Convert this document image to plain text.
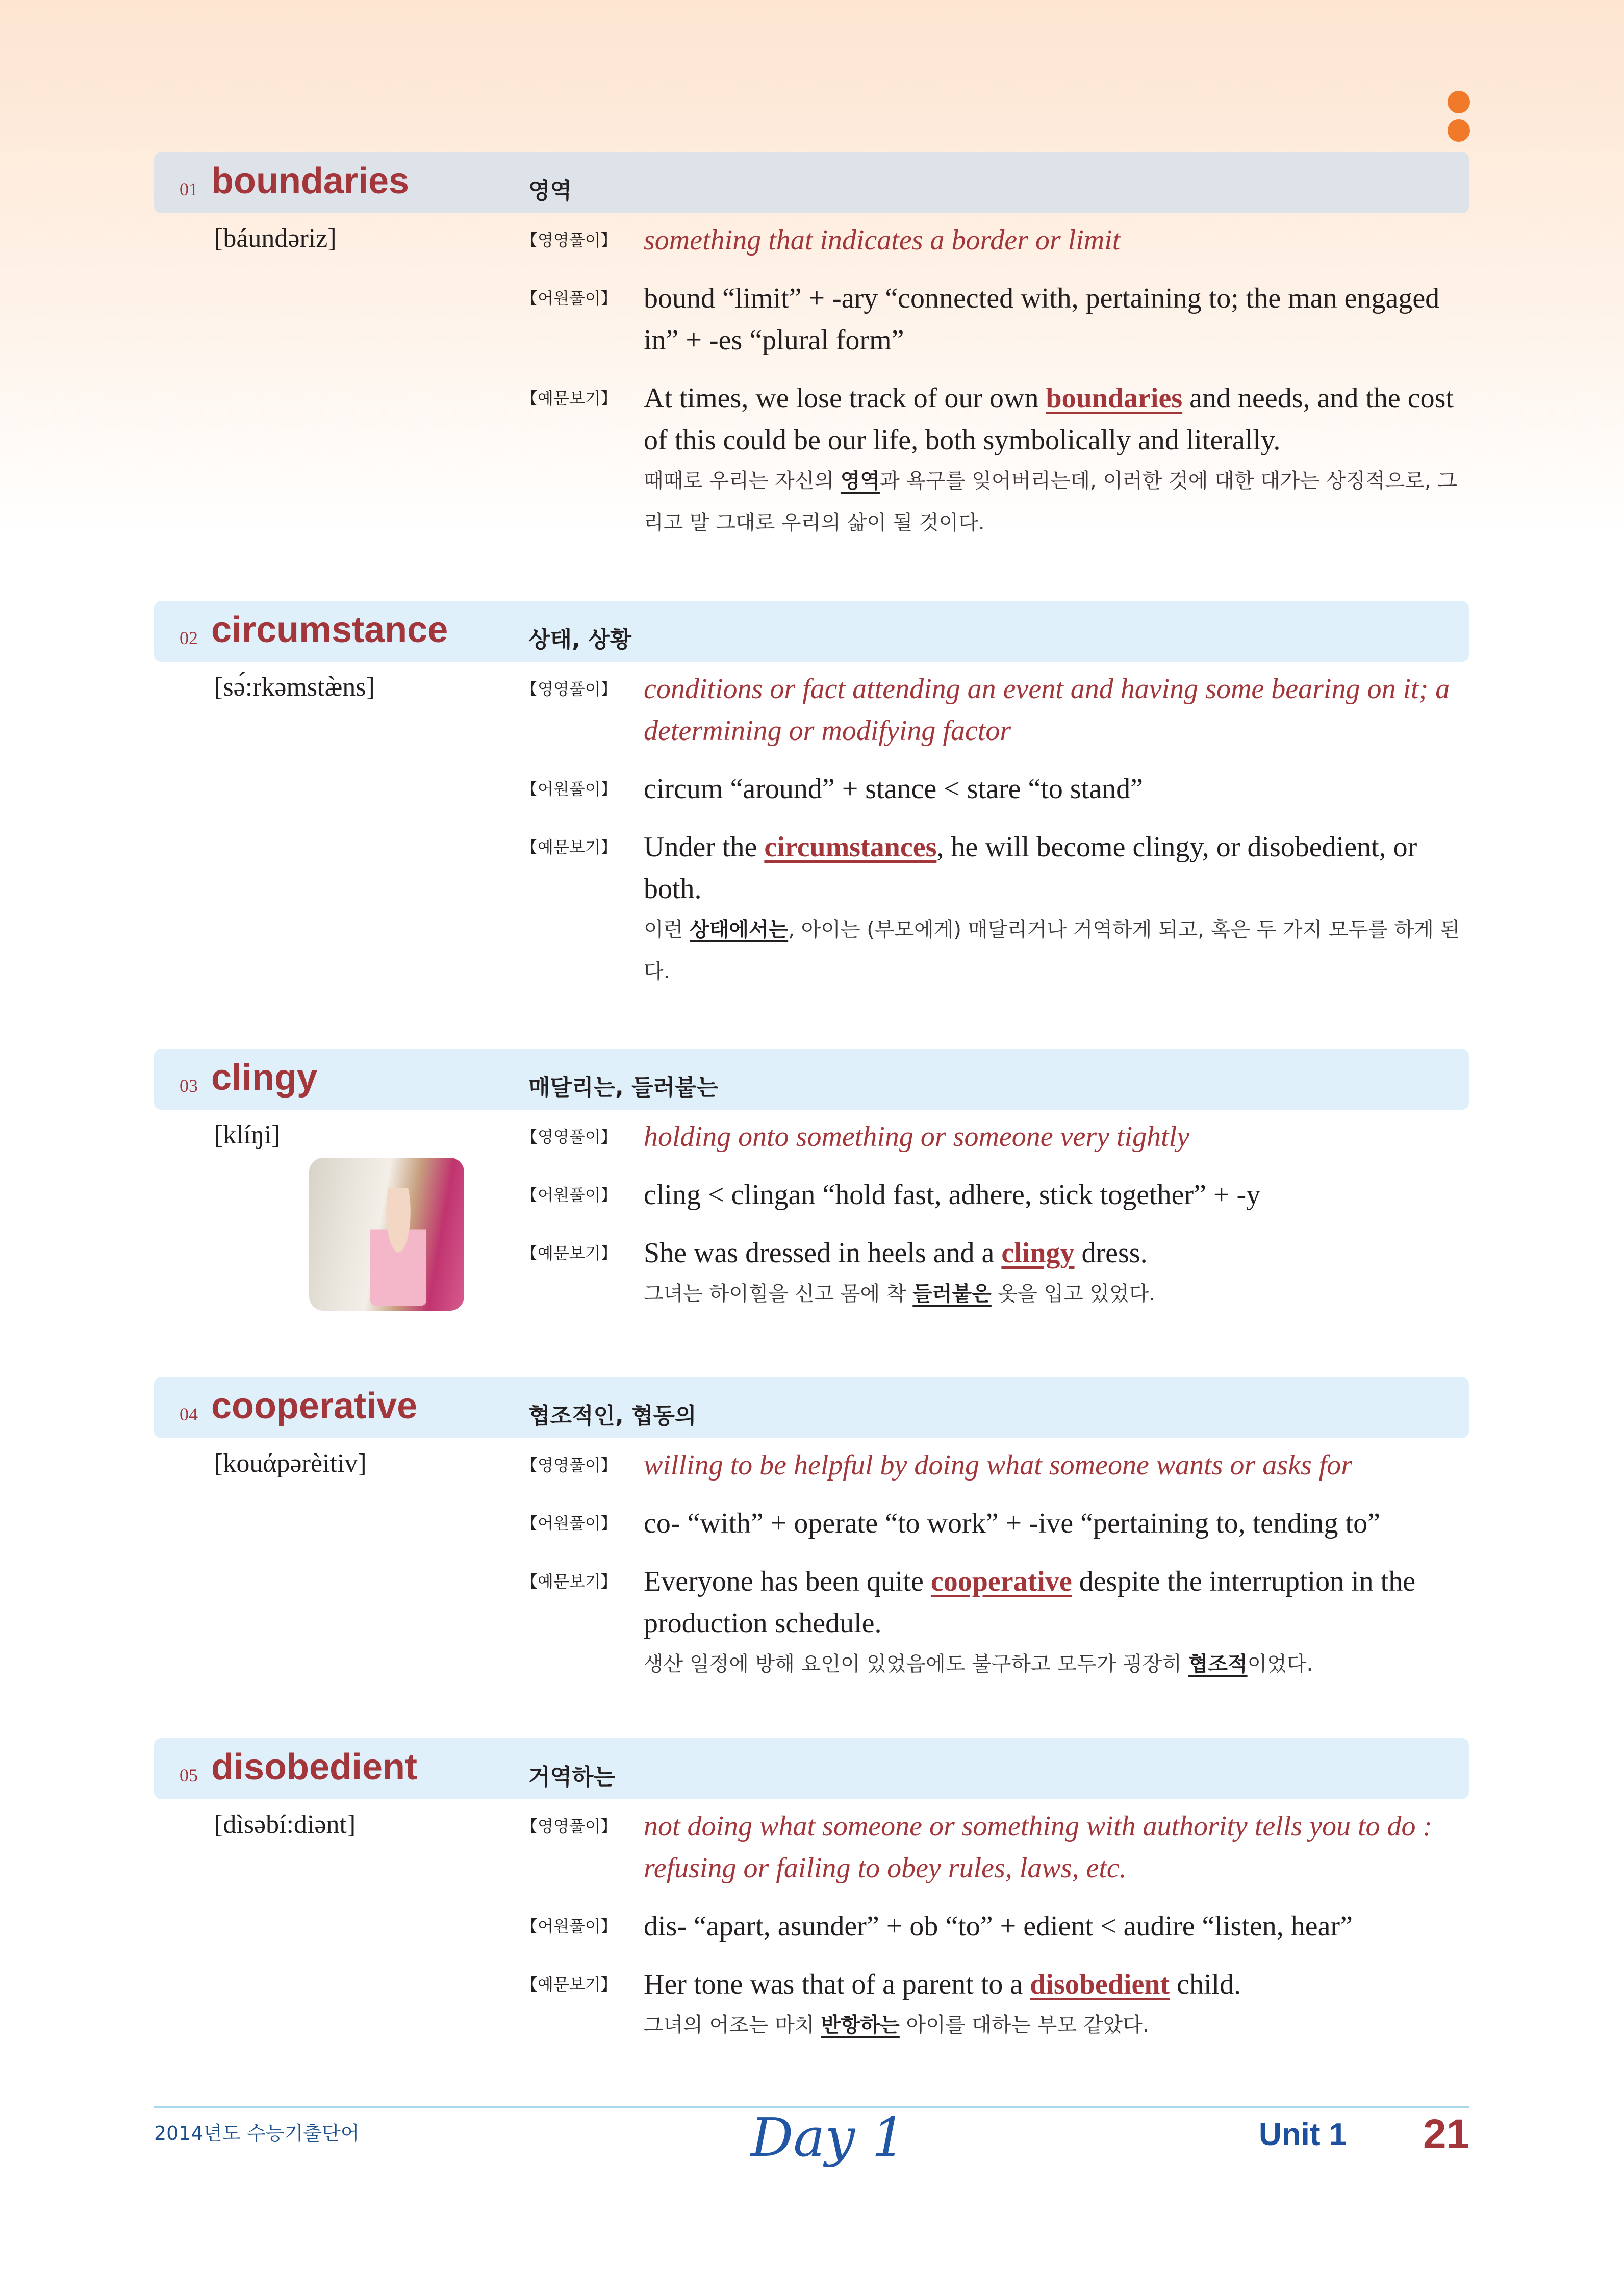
01 boundaries	영역
[báundəriz]	【영영풀이】 something that indicates a border or limit
【어원풀이】 bound “limit” + -ary “connected with, pertaining to; the man engaged in” + -es “plural form”
【예문보기】 At times, we lose track of our own boundaries and needs, and the cost of this could be our life, both symbolically and literally.
때때로 우리는 자신의 영역과 욕구를 잊어버리는데, 이러한 것에 대한 대가는 상징적으로, 그리고 말 그대로 우리의 삶이 될 것이다.
02 circumstance	상태, 상황
[sə́:rkəmstæ̀ns]	【영영풀이】 conditions or fact attending an event and having some bearing on it; a determining or modifying factor
【어원풀이】 circum “around” + stance < stare “to stand”
【예문보기】 Under the circumstances, he will become clingy, or disobedient, or both.
이런 상태에서는, 아이는 (부모에게) 매달리거나 거역하게 되고, 혹은 두 가지 모두를 하게 된다.
03 clingy	매달리는, 들러붙는
[klíŋi]	【영영풀이】 holding onto something or someone very tightly
【어원풀이】 cling < clingan “hold fast, adhere, stick together” + -y
【예문보기】 She was dressed in heels and a clingy dress.
그녀는 하이힐을 신고 몸에 착 들러붙은 옷을 입고 있었다.
04 cooperative	협조적인, 협동의
[kouάpərèitiv]	【영영풀이】 willing to be helpful by doing what someone wants or asks for
【어원풀이】 co- “with” + operate “to work” + -ive “pertaining to, tending to”
【예문보기】 Everyone has been quite cooperative despite the interruption in the production schedule.
생산 일정에 방해 요인이 있었음에도 불구하고 모두가 굉장히 협조적이었다.
05 disobedient	거역하는
[dìsəbí:diənt]	【영영풀이】 not doing what someone or something with authority tells you to do : refusing or failing to obey rules, laws, etc.
【어원풀이】 dis- “apart, asunder” + ob “to” + edient < audire “listen, hear”
【예문보기】 Her tone was that of a parent to a disobedient child.
그녀의 어조는 마치 반항하는 아이를 대하는 부모 같았다.
2014년도 수능기출단어	Day 1	Unit 1 21
